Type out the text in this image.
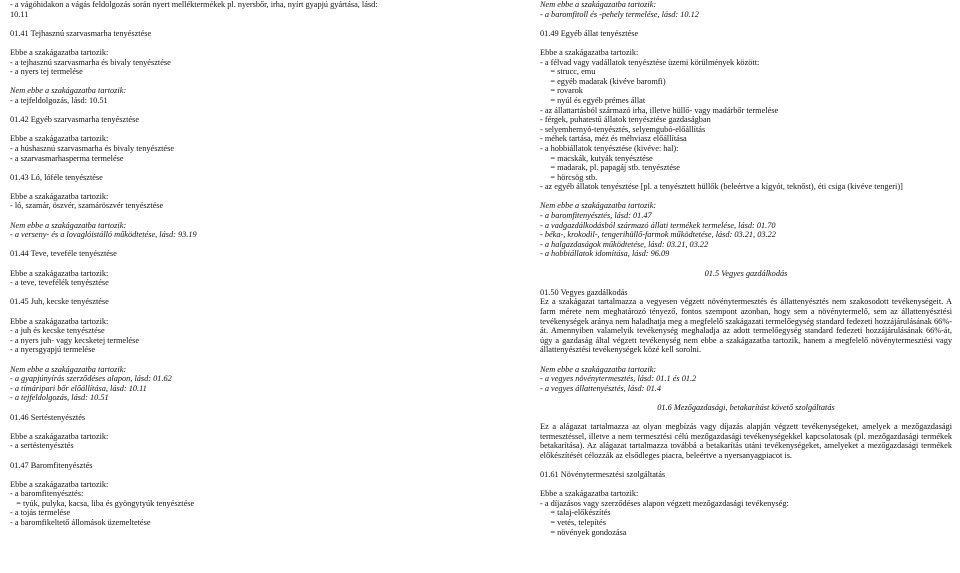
- a vágóhidakon a vágás feldolgozás során nyert melléktermékek pl. nyersbőr, irha, nyírt gyapjú gyártása, lásd:
10.11
01.41 Tejhasznú szarvasmarha tenyésztése
Ebbe a szakágazatba tartozik:
- a tejhasznú szarvasmarha és bivaly tenyésztése
- a nyers tej termelése
Nem ebbe a szakágazatba tartozik:
- a tejfeldolgozás, lásd: 10.51
01.42 Egyéb szarvasmarha tenyésztése
Ebbe a szakágazatba tartozik:
- a húshasznú szarvasmarha és bivaly tenyésztése
- a szarvasmarhasperma termelése
01.43 Ló, lóféle tenyésztése
Ebbe a szakágazatba tartozik:
- ló, szamár, öszvér, szamáröszvér tenyésztése
Nem ebbe a szakágazatba tartozik:
- a verseny- és a lovaglóistálló működtetése, lásd: 93.19
01.44 Teve, teveféle tenyésztése
Ebbe a szakágazatba tartozik:
- a teve, tevefélék tenyésztése
01.45 Juh, kecske tenyésztése
Ebbe a szakágazatba tartozik:
- a juh és kecske tenyésztése
- a nyers juh- vagy kecsketej termelése
- a nyersgyapjú termelése
Nem ebbe a szakágazatba tartozik:
- a gyapjúnyírás szerződéses alapon, lásd: 01.62
- a tímáripari bőr előállítása, lásd: 10.11
- a tejfeldolgozás, lásd: 10.51
01.46 Sertéstenyésztés
Ebbe a szakágazatba tartozik:
- a sertéstenyésztés
01.47 Baromfitenyésztés
Ebbe a szakágazatba tartozik:
- a baromfitenyésztés:
= tyúk, pulyka, kacsa, liba és gyöngytyúk tenyésztése
- a tojás termelése
- a baromfikeltető állomások üzemeltetése
Nem ebbe a szakágazatba tartozik:
- a baromfitoll és -pehely termelése, lásd: 10.12
01.49 Egyéb állat tenyésztése
Ebbe a szakágazatba tartozik:
- a félvad vagy vadállatok tenyésztése üzemi körülmények között:
= strucc, emu
= egyéb madarak (kivéve baromfi)
= rovarok
= nyúl és egyéb prémes állat
- az állattartásból származó irha, illetve hüllő- vagy madárbőr termelése
- férgek, puhatestű állatok tenyésztése gazdaságban
- selyemhernyó-tenyésztés, selyemgubó-előállítás
- méhek tartása, méz és méhviasz előállítása
- a hobbiállatok tenyésztése (kivéve: hal):
= macskák, kutyák tenyésztése
= madarak, pl. papagáj stb. tenyésztése
= hörcsög stb.
- az egyéb állatok tenyésztése [pl. a tenyésztett hüllők (beleértve a kígyót, teknőst), éti csiga (kivéve tengeri)]
Nem ebbe a szakágazatba tartozik:
- a baromfitenyésztés, lásd: 01.47
- a vadgazdálkodásból származó állati termékek termelése, lásd: 01.70
- béka-, krokodil-, tengerihüllő-farmok működtetése, lásd: 03.21, 03.22
- a halgazdaságok működtetése, lásd: 03.21, 03.22
- a hobbiállatok idomítása, lásd: 96.09
01.5 Vegyes gazdálkodás
01.50 Vegyes gazdálkodás
Ez a szakágazat tartalmazza a vegyesen végzett növénytermesztés és állattenyésztés nem szakosodott tevékenységeit. A farm mérete nem meghatározó tényező, fontos szempont azonban, hogy sem a növénytermelő, sem az állattenyésztési tevékenységek aránya nem haladhatja meg a megfelelő szakágazati termelőegység standard fedezeti hozzájárulásának 66%-át. Amennyiben valamelyik tevékenység meghaladja az adott termelőegység standard fedezeti hozzájárulásának 66%-át, úgy a gazdaság által végzett tevékenység nem ebbe a szakágazatba tartozik, hanem a megfelelő növénytermesztési vagy állattenyésztési tevékenységek közé kell sorolni.
Nem ebbe a szakágazatba tartozik:
- a vegyes növénytermesztés, lásd: 01.1 és 01.2
- a vegyes állattenyésztés, lásd: 01.4
01.6 Mezőgazdasági, betakarítást követő szolgáltatás
Ez a alágazat tartalmazza az olyan megbízás vagy díjazás alapján végzett tevékenységeket, amelyek a mezőgazdasági termesztéssel, illetve a nem termesztési célú mezőgazdasági tevékenységekkel kapcsolatosak (pl. mezőgazdasági termékek betakarítása). Az alágazat tartalmazza továbbá a betakarítás utáni tevékenységeket, amelyeket a mezőgazdasági termékek előkészítését célozzák az elsődleges piacra, beleértve a nyersanyagpiacot is.
01.61 Növénytermesztési szolgáltatás
Ebbe a szakágazatba tartozik:
- a díjazásos vagy szerződéses alapon végzett mezőgazdasági tevékenység:
= talaj-előkészítés
= vetés, telepítés
= növények gondozása
